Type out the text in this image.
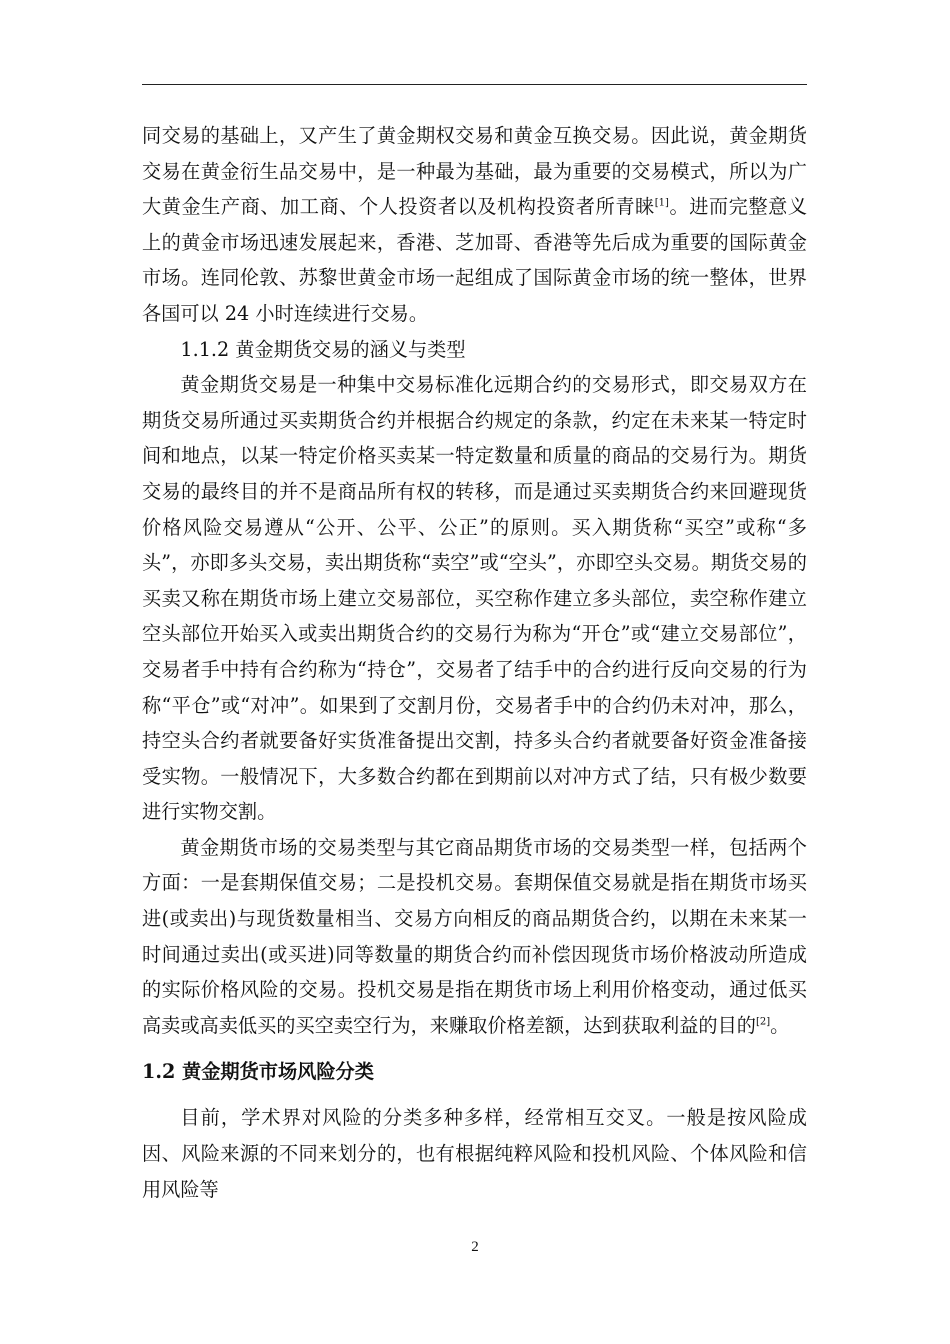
同交易的基础上，又产生了黄金期权交易和黄金互换交易。因此说，黄金期货交易在黄金衍生品交易中，是一种最为基础，最为重要的交易模式，所以为广大黄金生产商、加工商、个人投资者以及机构投资者所青睐[1]。进而完整意义上的黄金市场迅速发展起来，香港、芝加哥、香港等先后成为重要的国际黄金市场。连同伦敦、苏黎世黄金市场一起组成了国际黄金市场的统一整体，世界各国可以 24 小时连续进行交易。

1.1.2 黄金期货交易的涵义与类型

黄金期货交易是一种集中交易标准化远期合约的交易形式，即交易双方在期货交易所通过买卖期货合约并根据合约规定的条款，约定在未来某一特定时间和地点，以某一特定价格买卖某一特定数量和质量的商品的交易行为。期货交易的最终目的并不是商品所有权的转移，而是通过买卖期货合约来回避现货价格风险交易遵从“公开、公平、公正”的原则。买入期货称“买空”或称“多头”，亦即多头交易，卖出期货称“卖空”或“空头”，亦即空头交易。期货交易的买卖又称在期货市场上建立交易部位，买空称作建立多头部位，卖空称作建立空头部位开始买入或卖出期货合约的交易行为称为“开仓”或“建立交易部位”，交易者手中持有合约称为“持仓”，交易者了结手中的合约进行反向交易的行为称“平仓”或“对冲”。如果到了交割月份，交易者手中的合约仍未对冲，那么，持空头合约者就要备好实货准备提出交割，持多头合约者就要备好资金准备接受实物。一般情况下，大多数合约都在到期前以对冲方式了结，只有极少数要进行实物交割。

黄金期货市场的交易类型与其它商品期货市场的交易类型一样，包括两个方面：一是套期保值交易；二是投机交易。套期保值交易就是指在期货市场买进(或卖出)与现货数量相当、交易方向相反的商品期货合约，以期在未来某一时间通过卖出(或买进)同等数量的期货合约而补偿因现货市场价格波动所造成的实际价格风险的交易。投机交易是指在期货市场上利用价格变动，通过低买高卖或高卖低买的买空卖空行为，来赚取价格差额，达到获取利益的目的[2]。

1.2 黄金期货市场风险分类

目前，学术界对风险的分类多种多样，经常相互交叉。一般是按风险成因、风险来源的不同来划分的，也有根据纯粹风险和投机风险、个体风险和信用风险等

2
